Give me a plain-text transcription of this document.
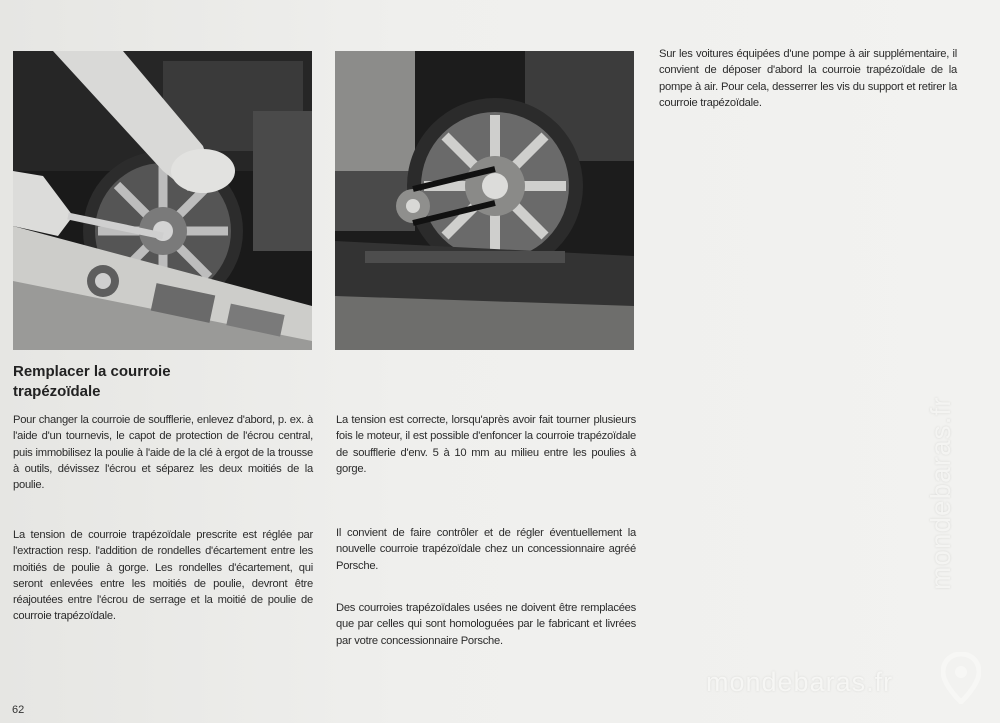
Remplacer la courroie
trapézoïdale

Pour changer la courroie de soufflerie, enlevez d'abord, p. ex. à l'aide d'un tournevis, le capot de protection de l'écrou central, puis immobilisez la poulie à l'aide de la clé à ergot de la trousse à outils, dévissez l'écrou et séparez les deux moitiés de la poulie.

La tension de courroie trapézoïdale prescrite est réglée par l'extraction resp. l'addition de rondelles d'écartement entre les moitiés de poulie à gorge. Les rondelles d'écartement, qui seront enlevées entre les moitiés de poulie, devront être réajoutées entre l'écrou de serrage et la moitié de poulie de courroie trapézoïdale.

La tension est correcte, lorsqu'après avoir fait tourner plusieurs fois le moteur, il est possible d'enfoncer la courroie trapézoïdale de soufflerie d'env. 5 à 10 mm au milieu entre les poulies à gorge.

Il convient de faire contrôler et de régler éventuellement la nouvelle courroie trapézoïdale chez un concessionnaire agréé Porsche.

Des courroies trapézoïdales usées ne doivent être remplacées que par celles qui sont homologuées par le fabricant et livrées par votre concessionnaire Porsche.

Sur les voitures équipées d'une pompe à air supplémentaire, il convient de déposer d'abord la courroie trapézoïdale de la pompe à air. Pour cela, desserrer les vis du support et retirer la courroie trapézoïdale.

62
mondebaras.fr
mondebaras.fr
